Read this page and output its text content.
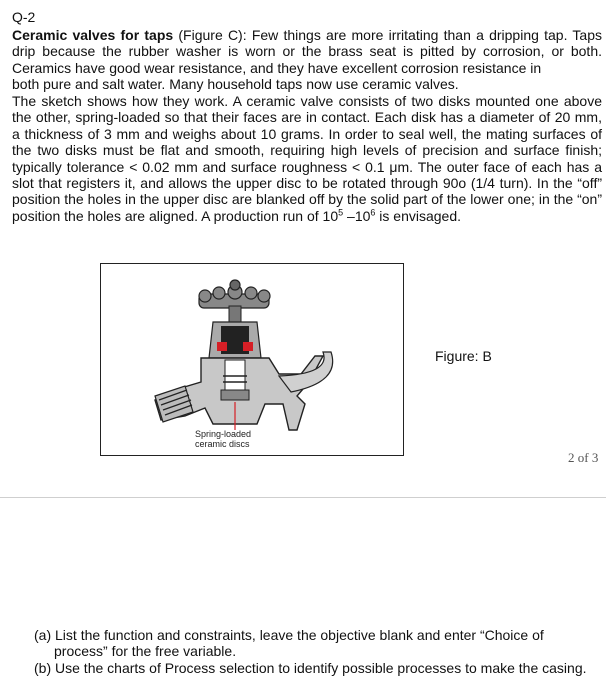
Q-2

Ceramic valves for taps (Figure C): Few things are more irritating than a dripping tap. Taps drip because the rubber washer is worn or the brass seat is pitted by corrosion, or both. Ceramics have good wear resistance, and they have excellent corrosion resistance in
both pure and salt water. Many household taps now use ceramic valves.

The sketch shows how they work. A ceramic valve consists of two disks mounted one above the other, spring-loaded so that their faces are in contact. Each disk has a diameter of 20 mm, a thickness of 3 mm and weighs about 10 grams. In order to seal well, the mating surfaces of the two disks must be flat and smooth, requiring high levels of precision and surface finish; typically tolerance < 0.02 mm and surface roughness < 0.1 μm. The outer face of each has a slot that registers it, and allows the upper disc to be rotated through 90o (1/4 turn). In the “off” position the holes in the upper disc are blanked off by the solid part of the lower one; in the “on” position the holes are aligned. A production run of $10^5$ $-10^6$ is envisaged.

Spring-loaded
ceramic discs
Figure: B
2 of 3
(a) List the function and constraints, leave the objective blank and enter “Choice of
process” for the free variable.
(b) Use the charts of Process selection to identify possible processes to make the casing.
